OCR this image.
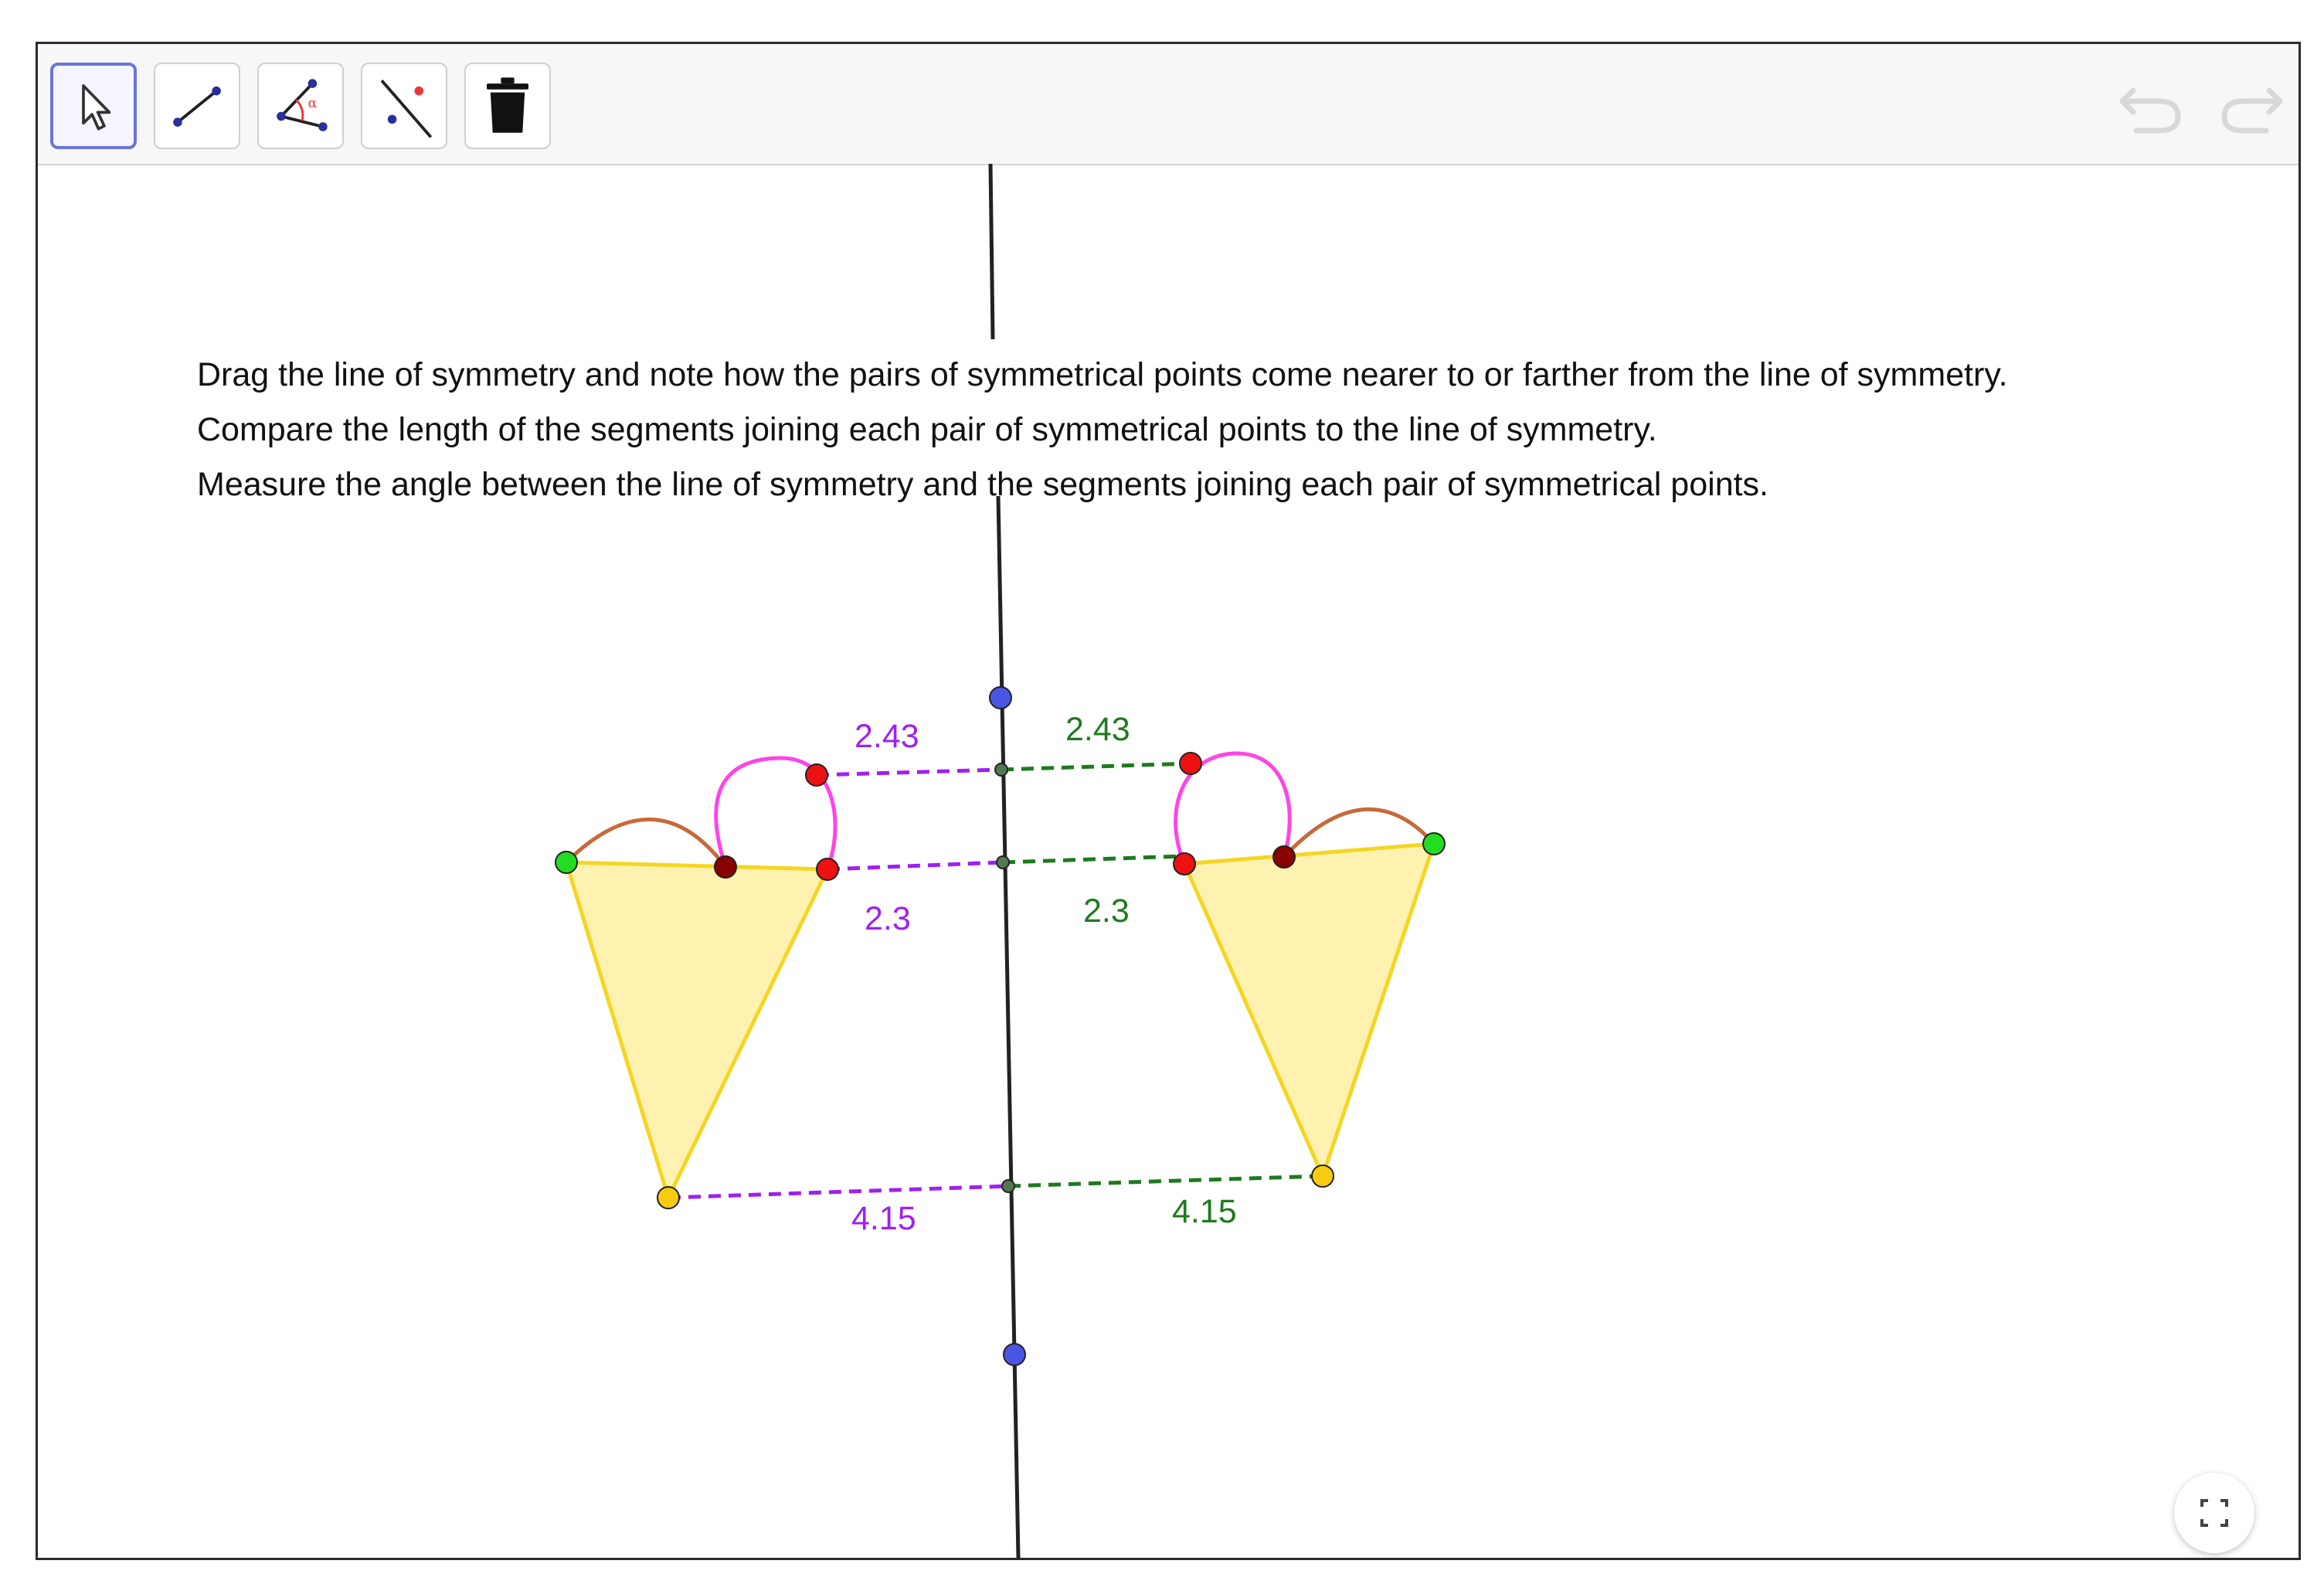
α
2.43	2.43
2.3	2.3
4.15	4.15
Drag the line of symmetry and note how the pairs of symmetrical points come nearer to or farther from the line of symmetry.
Compare the length of the segments joining each pair of symmetrical points to the line of symmetry.
Measure the angle between the line of symmetry and the segments joining each pair of symmetrical points.
